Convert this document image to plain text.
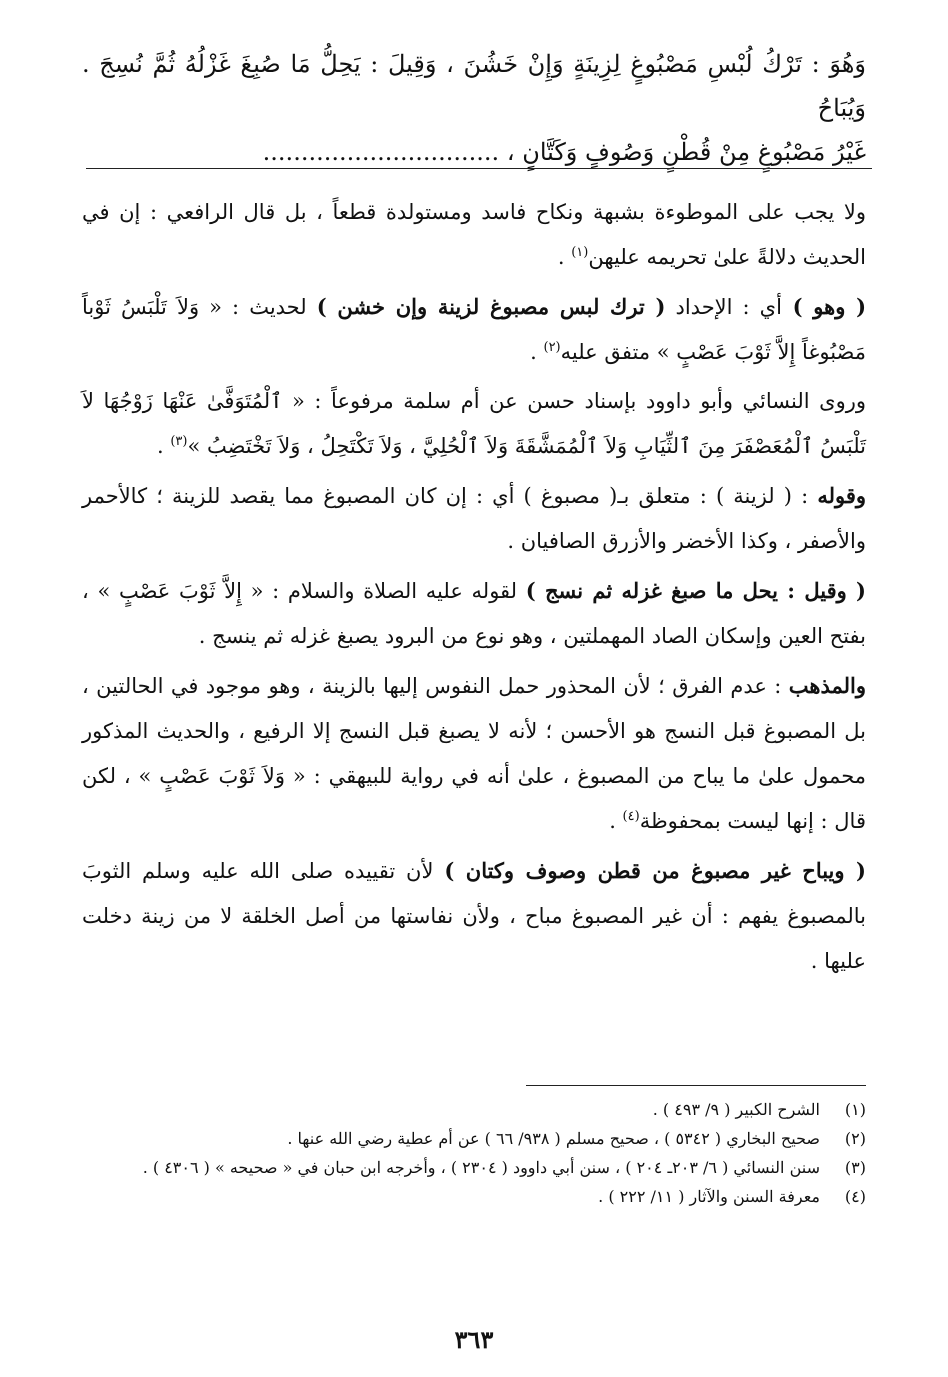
وَهُوَ : تَرْكُ لُبْسِ مَصْبُوغٍ لِزِينَةٍ وَإِنْ خَشُنَ ، وَقِيلَ : يَحِلُّ مَا صُبِغَ غَزْلُهُ ثُمَّ نُسِجَ . وَيُبَاحُ
غَيْرُ مَصْبُوغٍ مِنْ قُطْنٍ وَصُوفٍ وَكَتَّانٍ ، ...............................

ولا يجب على الموطوءة بشبهة ونكاح فاسد ومستولدة قطعاً ، بل قال الرافعي : إن في الحديث دلالةً علىٰ تحريمه عليهن$^{(١)}$ .

( وهو ) أي : الإحداد ( ترك لبس مصبوغ لزينة وإن خشن ) لحديث : « وَلاَ تَلْبَسُ ثَوْباً مَصْبُوغاً إِلاَّ ثَوْبَ عَصْبٍ » متفق عليه$^{(٢)}$ .

وروى النسائي وأبو داوود بإسناد حسن عن أم سلمة مرفوعاً : « ٱلْمُتَوَفَّىٰ عَنْهَا زَوْجُهَا لاَ تَلْبَسُ ٱلْمُعَصْفَرَ مِنَ ٱلثِّيَابِ وَلاَ ٱلْمُمَشَّقَةَ وَلاَ ٱلْحُلِيَّ ، وَلاَ تَكْتَحِلُ ، وَلاَ تَخْتَضِبُ »$^{(٣)}$ .

وقوله : ( لزينة ) : متعلق بـ( مصبوغ ) أي : إن كان المصبوغ مما يقصد للزينة ؛ كالأحمر والأصفر ، وكذا الأخضر والأزرق الصافيان .

( وقيل : يحل ما صبغ غزله ثم نسج ) لقوله عليه الصلاة والسلام : « إِلاَّ ثَوْبَ عَصْبٍ » ، بفتح العين وإسكان الصاد المهملتين ، وهو نوع من البرود يصبغ غزله ثم ينسج .

والمذهب : عدم الفرق ؛ لأن المحذور حمل النفوس إليها بالزينة ، وهو موجود في الحالتين ، بل المصبوغ قبل النسج هو الأحسن ؛ لأنه لا يصبغ قبل النسج إلا الرفيع ، والحديث المذكور محمول علىٰ ما يباح من المصبوغ ، علىٰ أنه في رواية للبيهقي : « وَلاَ ثَوْبَ عَصْبٍ » ، لكن قال : إنها ليست بمحفوظة$^{(٤)}$ .

( ويباح غير مصبوغ من قطن وصوف وكتان ) لأن تقييده صلى الله عليه وسلم الثوبَ بالمصبوغ يفهم : أن غير المصبوغ مباح ، ولأن نفاستها من أصل الخلقة لا من زينة دخلت عليها .

(١)
الشرح الكبير ( ٩/ ٤٩٣ ) .
(٢)
صحيح البخاري ( ٥٣٤٢ ) ، صحيح مسلم ( ٩٣٨/ ٦٦ ) عن أم عطية رضي الله عنها .
(٣)
سنن النسائي ( ٦/ ٢٠٣ـ ٢٠٤ ) ، سنن أبي داوود ( ٢٣٠٤ ) ، وأخرجه ابن حبان في « صحيحه » ( ٤٣٠٦ ) .
(٤)
معرفة السنن والآثار ( ١١/ ٢٢٢ ) .
٣٦٣
